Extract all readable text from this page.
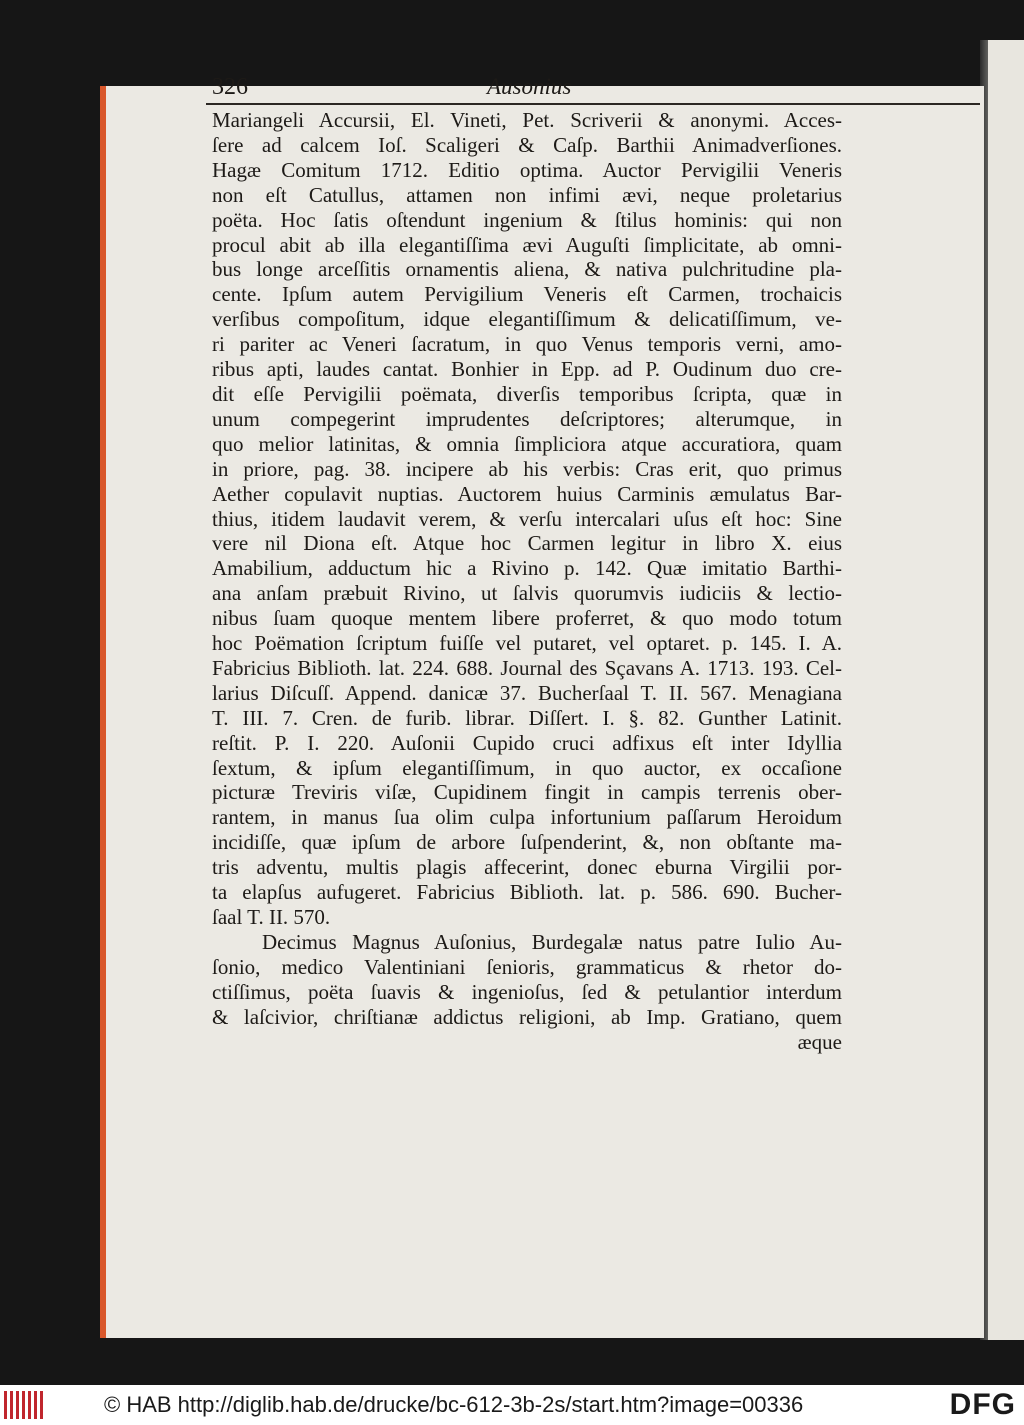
326	Ausonius
Mariangeli Accursii, El. Vineti, Pet. Scriverii & anonymi. Acces-
ſere ad calcem Ioſ. Scaligeri & Caſp. Barthii Animadverſiones.
Hagæ Comitum 1712. Editio optima. Auctor Pervigilii Veneris
non eſt Catullus, attamen non infimi ævi, neque proletarius
poëta. Hoc ſatis oſtendunt ingenium & ſtilus hominis: qui non
procul abit ab illa elegantiſſima ævi Auguſti ſimplicitate, ab omni-
bus longe arceſſitis ornamentis aliena, & nativa pulchritudine pla-
cente. Ipſum autem Pervigilium Veneris eſt Carmen, trochaicis
verſibus compoſitum, idque elegantiſſimum & delicatiſſimum, ve-
ri pariter ac Veneri ſacratum, in quo Venus temporis verni, amo-
ribus apti, laudes cantat. Bonhier in Epp. ad P. Oudinum duo cre-
dit eſſe Pervigilii poëmata, diverſis temporibus ſcripta, quæ in
unum compegerint imprudentes deſcriptores; alterumque, in
quo melior latinitas, & omnia ſimpliciora atque accuratiora, quam
in priore, pag. 38. incipere ab his verbis: Cras erit, quo primus
Aether copulavit nuptias. Auctorem huius Carminis æmulatus Bar-
thius, itidem laudavit verem, & verſu intercalari uſus eſt hoc: Sine
vere nil Diona eſt. Atque hoc Carmen legitur in libro X. eius
Amabilium, adductum hic a Rivino p. 142. Quæ imitatio Barthi-
ana anſam præbuit Rivino, ut ſalvis quorumvis iudiciis & lectio-
nibus ſuam quoque mentem libere proferret, & quo modo totum
hoc Poëmation ſcriptum fuiſſe vel putaret, vel optaret. p. 145. I. A.
Fabricius Biblioth. lat. 224. 688. Journal des Sçavans A. 1713. 193. Cel-
larius Diſcuſſ. Append. danicæ 37. Bucherſaal T. II. 567. Menagiana
T. III. 7. Cren. de furib. librar. Diſſert. I. §. 82. Gunther Latinit.
reſtit. P. I. 220. Auſonii Cupido cruci adfixus eſt inter Idyllia
ſextum, & ipſum elegantiſſimum, in quo auctor, ex occaſione
picturæ Treviris viſæ, Cupidinem fingit in campis terrenis ober-
rantem, in manus ſua olim culpa infortunium paſſarum Heroidum
incidiſſe, quæ ipſum de arbore ſuſpenderint, &, non obſtante ma-
tris adventu, multis plagis affecerint, donec eburna Virgilii por-
ta elapſus aufugeret. Fabricius Biblioth. lat. p. 586. 690. Bucher-
ſaal T. II. 570.
Decimus Magnus Auſonius, Burdegalæ natus patre Iulio Au-
ſonio, medico Valentiniani ſenioris, grammaticus & rhetor do-
ctiſſimus, poëta ſuavis & ingenioſus, ſed & petulantior interdum
& laſcivior, chriſtianæ addictus religioni, ab Imp. Gratiano, quem
æque
© HAB http://diglib.hab.de/drucke/bc-612-3b-2s/start.htm?image=00336	DFG
